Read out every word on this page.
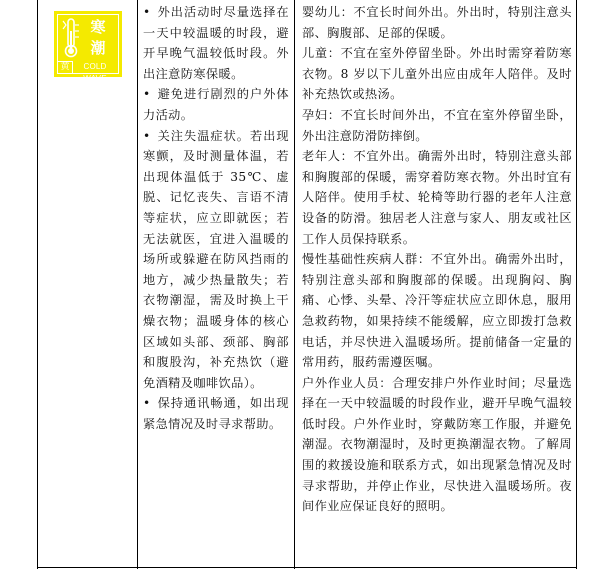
寒
潮
黄	COLD WAVE

• 外出活动时尽量选择在一天中较温暖的时段，避开早晚气温较低时段。外出注意防寒保暖。

• 避免进行剧烈的户外体力活动。

• 关注失温症状。若出现寒颤，及时测量体温，若出现体温低于 35℃、虚脱、记忆丧失、言语不清等症状，应立即就医；若无法就医，宜进入温暖的场所或躲避在防风挡雨的地方，减少热量散失；若衣物潮湿，需及时换上干燥衣物；温暖身体的核心区域如头部、颈部、胸部和腹股沟，补充热饮（避免酒精及咖啡饮品）。

• 保持通讯畅通，如出现紧急情况及时寻求帮助。

婴幼儿：不宜长时间外出。外出时，特别注意头部、胸腹部、足部的保暖。

儿童：不宜在室外停留坐卧。外出时需穿着防寒衣物。8 岁以下儿童外出应由成年人陪伴。及时补充热饮或热汤。

孕妇：不宜长时间外出，不宜在室外停留坐卧，外出注意防滑防摔倒。

老年人：不宜外出。确需外出时，特别注意头部和胸腹部的保暖，需穿着防寒衣物。外出时宜有人陪伴。使用手杖、轮椅等助行器的老年人注意设备的防滑。独居老人注意与家人、朋友或社区工作人员保持联系。

慢性基础性疾病人群：不宜外出。确需外出时，特别注意头部和胸腹部的保暖。出现胸闷、胸痛、心悸、头晕、冷汗等症状应立即休息，服用急救药物，如果持续不能缓解，应立即拨打急救电话，并尽快进入温暖场所。提前储备一定量的常用药，服药需遵医嘱。

户外作业人员：合理安排户外作业时间；尽量选择在一天中较温暖的时段作业，避开早晚气温较低时段。户外作业时，穿戴防寒工作服，并避免潮湿。衣物潮湿时，及时更换潮湿衣物。了解周围的救援设施和联系方式，如出现紧急情况及时寻求帮助，并停止作业，尽快进入温暖场所。夜间作业应保证良好的照明。
